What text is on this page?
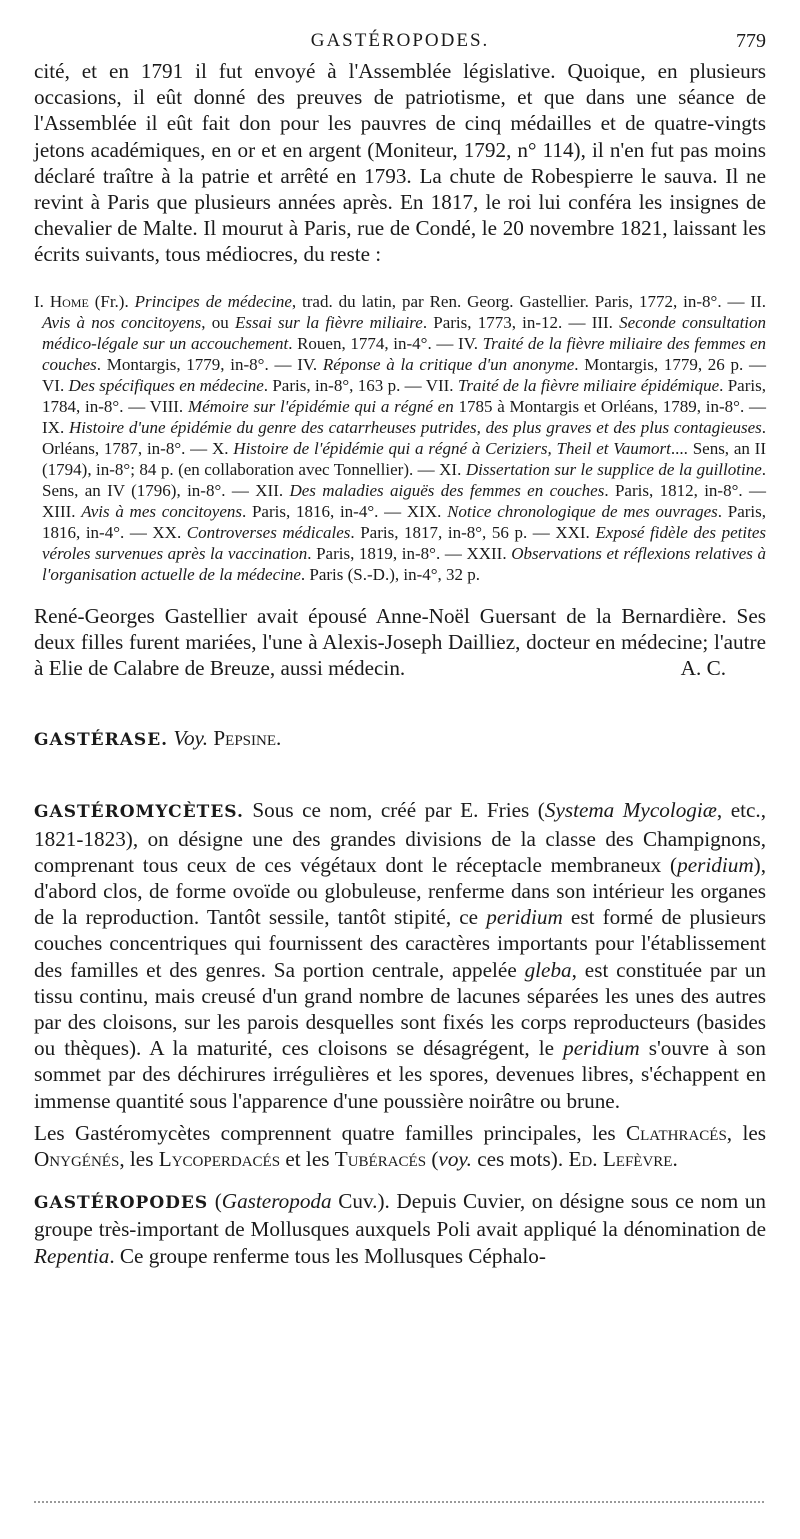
GASTÉROPODES.	779

cité, et en 1791 il fut envoyé à l'Assemblée législative. Quoique, en plusieurs occasions, il eût donné des preuves de patriotisme, et que dans une séance de l'Assemblée il eût fait don pour les pauvres de cinq médailles et de quatre-vingts jetons académiques, en or et en argent (Moniteur, 1792, n° 114), il n'en fut pas moins déclaré traître à la patrie et arrêté en 1793. La chute de Robespierre le sauva. Il ne revint à Paris que plusieurs années après. En 1817, le roi lui conféra les insignes de chevalier de Malte. Il mourut à Paris, rue de Condé, le 20 novembre 1821, laissant les écrits suivants, tous médiocres, du reste :

I. Home (Fr.). Principes de médecine, trad. du latin, par Ren. Georg. Gastellier. Paris, 1772, in-8°. — II. Avis à nos concitoyens, ou Essai sur la fièvre miliaire. Paris, 1773, in-12. — III. Seconde consultation médico-légale sur un accouchement. Rouen, 1774, in-4°. — IV. Traité de la fièvre miliaire des femmes en couches. Montargis, 1779, in-8°. — IV. Réponse à la critique d'un anonyme. Montargis, 1779, 26 p. — VI. Des spécifiques en médecine. Paris, in-8°, 163 p. — VII. Traité de la fièvre miliaire épidémique. Paris, 1784, in-8°. — VIII. Mémoire sur l'épidémie qui a régné en 1785 à Montargis et Orléans, 1789, in-8°. — IX. Histoire d'une épidémie du genre des catarrheuses putrides, des plus graves et des plus contagieuses. Orléans, 1787, in-8°. — X. Histoire de l'épidémie qui a régné à Ceriziers, Theil et Vaumort.... Sens, an II (1794), in-8°; 84 p. (en collaboration avec Tonnellier). — XI. Dissertation sur le supplice de la guillotine. Sens, an IV (1796), in-8°. — XII. Des maladies aiguës des femmes en couches. Paris, 1812, in-8°. — XIII. Avis à mes concitoyens. Paris, 1816, in-4°. — XIX. Notice chronologique de mes ouvrages. Paris, 1816, in-4°. — XX. Controverses médicales. Paris, 1817, in-8°, 56 p. — XXI. Exposé fidèle des petites véroles survenues après la vaccination. Paris, 1819, in-8°. — XXII. Observations et réflexions relatives à l'organisation actuelle de la médecine. Paris (S.-D.), in-4°, 32 p.

René-Georges Gastellier avait épousé Anne-Noël Guersant de la Bernardière. Ses deux filles furent mariées, l'une à Alexis-Joseph Dailliez, docteur en médecine; l'autre à Elie de Calabre de Breuze, aussi médecin.	A. C.

GASTÉRASE. Voy. Pepsine.

GASTÉROMYCÈTES. Sous ce nom, créé par E. Fries (Systema Mycologiæ, etc., 1821-1823), on désigne une des grandes divisions de la classe des Champignons, comprenant tous ceux de ces végétaux dont le réceptacle membraneux (peridium), d'abord clos, de forme ovoïde ou globuleuse, renferme dans son intérieur les organes de la reproduction. Tantôt sessile, tantôt stipité, ce peridium est formé de plusieurs couches concentriques qui fournissent des caractères importants pour l'établissement des familles et des genres. Sa portion centrale, appelée gleba, est constituée par un tissu continu, mais creusé d'un grand nombre de lacunes séparées les unes des autres par des cloisons, sur les parois desquelles sont fixés les corps reproducteurs (basides ou thèques). A la maturité, ces cloisons se désagrégent, le peridium s'ouvre à son sommet par des déchirures irrégulières et les spores, devenues libres, s'échappent en immense quantité sous l'apparence d'une poussière noirâtre ou brune.

Les Gastéromycètes comprennent quatre familles principales, les Clathracés, les Onygénés, les Lycoperdacés et les Tubéracés (voy. ces mots). Ed. Lefèvre.

GASTÉROPODES (Gasteropoda Cuv.). Depuis Cuvier, on désigne sous ce nom un groupe très-important de Mollusques auxquels Poli avait appliqué la dénomination de Repentia. Ce groupe renferme tous les Mollusques Céphalo-
